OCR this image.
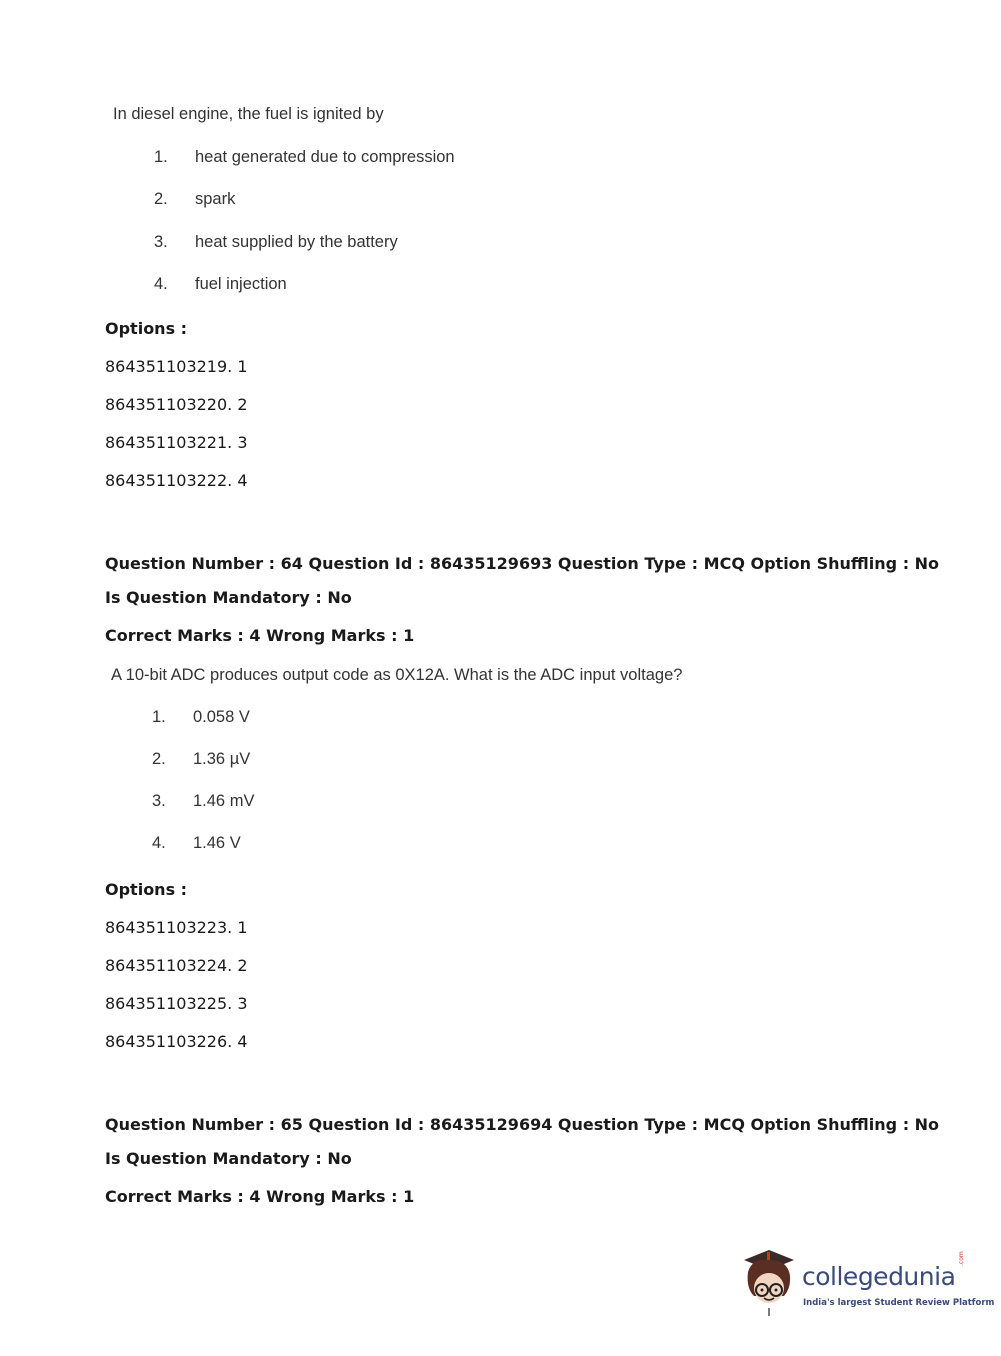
In diesel engine, the fuel is ignited by
1. heat generated due to compression
2. spark
3. heat supplied by the battery
4. fuel injection
Options :
864351103219. 1
864351103220. 2
864351103221. 3
864351103222. 4
Question Number : 64 Question Id : 86435129693 Question Type : MCQ Option Shuffling : No
Is Question Mandatory : No
Correct Marks : 4 Wrong Marks : 1
A 10-bit ADC produces output code as 0X12A. What is the ADC input voltage?
1. 0.058 V
2. 1.36 µV
3. 1.46 mV
4. 1.46 V
Options :
864351103223. 1
864351103224. 2
864351103225. 3
864351103226. 4
Question Number : 65 Question Id : 86435129694 Question Type : MCQ Option Shuffling : No
Is Question Mandatory : No
Correct Marks : 4 Wrong Marks : 1
collegedunia
.com
India's largest Student Review Platform
